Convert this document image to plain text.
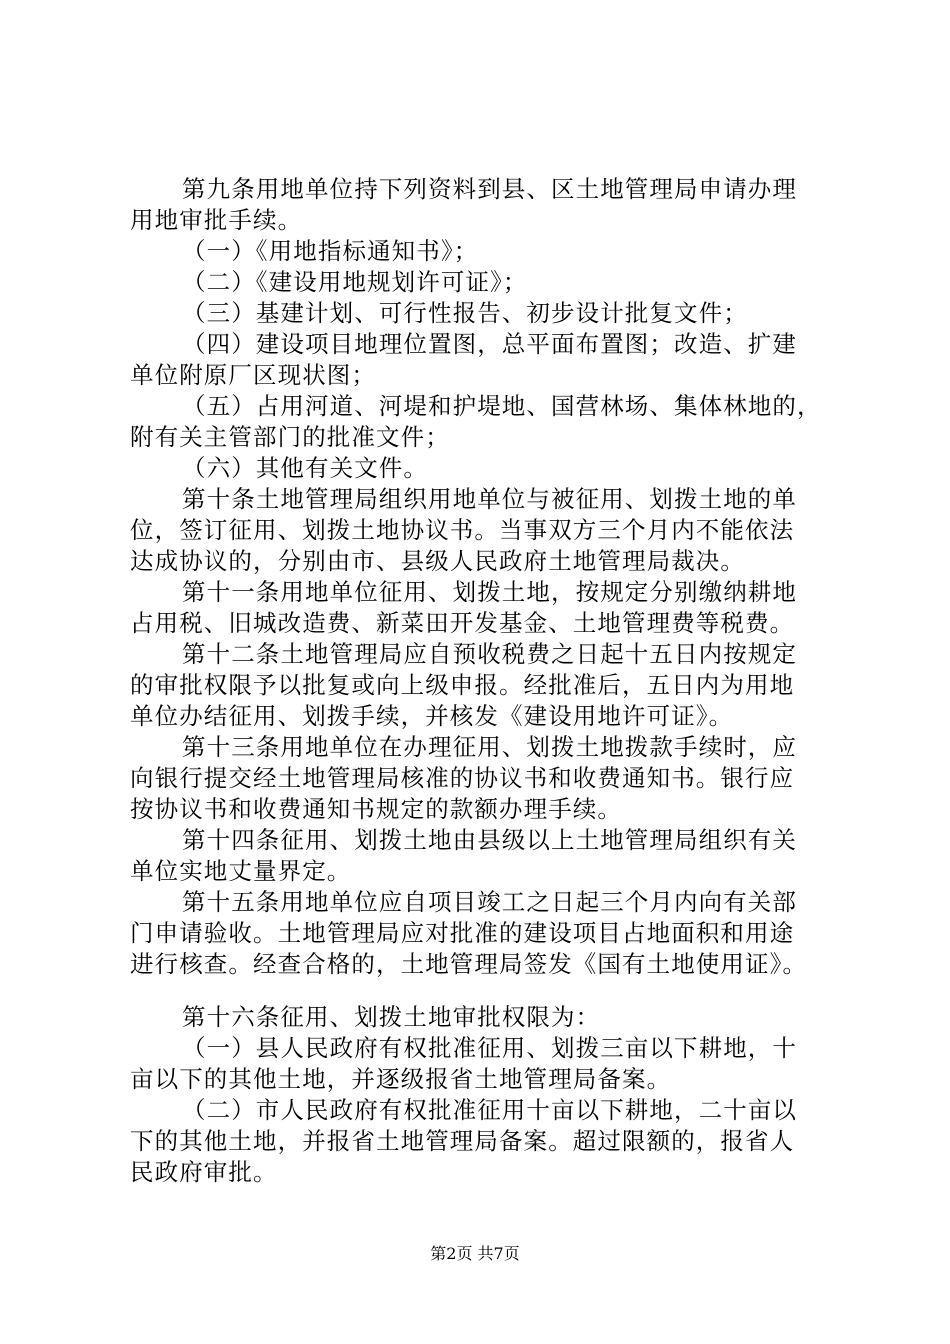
第九条用地单位持下列资料到县、区土地管理局申请办理
用地审批手续。
（一）《用地指标通知书》；
（二）《建设用地规划许可证》；
（三）基建计划、可行性报告、初步设计批复文件；
（四）建设项目地理位置图，总平面布置图；改造、扩建
单位附原厂区现状图；
（五）占用河道、河堤和护堤地、国营林场、集体林地的，
附有关主管部门的批准文件；
（六）其他有关文件。
第十条土地管理局组织用地单位与被征用、划拨土地的单
位，签订征用、划拨土地协议书。当事双方三个月内不能依法
达成协议的，分别由市、县级人民政府土地管理局裁决。
第十一条用地单位征用、划拨土地，按规定分别缴纳耕地
占用税、旧城改造费、新菜田开发基金、土地管理费等税费。
第十二条土地管理局应自预收税费之日起十五日内按规定
的审批权限予以批复或向上级申报。经批准后，五日内为用地
单位办结征用、划拨手续，并核发《建设用地许可证》。
第十三条用地单位在办理征用、划拨土地拨款手续时，应
向银行提交经土地管理局核准的协议书和收费通知书。银行应
按协议书和收费通知书规定的款额办理手续。
第十四条征用、划拨土地由县级以上土地管理局组织有关
单位实地丈量界定。
第十五条用地单位应自项目竣工之日起三个月内向有关部
门申请验收。土地管理局应对批准的建设项目占地面积和用途
进行核查。经查合格的，土地管理局签发《国有土地使用证》。
第十六条征用、划拨土地审批权限为：
（一）县人民政府有权批准征用、划拨三亩以下耕地，十
亩以下的其他土地，并逐级报省土地管理局备案。
（二）市人民政府有权批准征用十亩以下耕地，二十亩以
下的其他土地，并报省土地管理局备案。超过限额的，报省人
民政府审批。
第2页 共7页
